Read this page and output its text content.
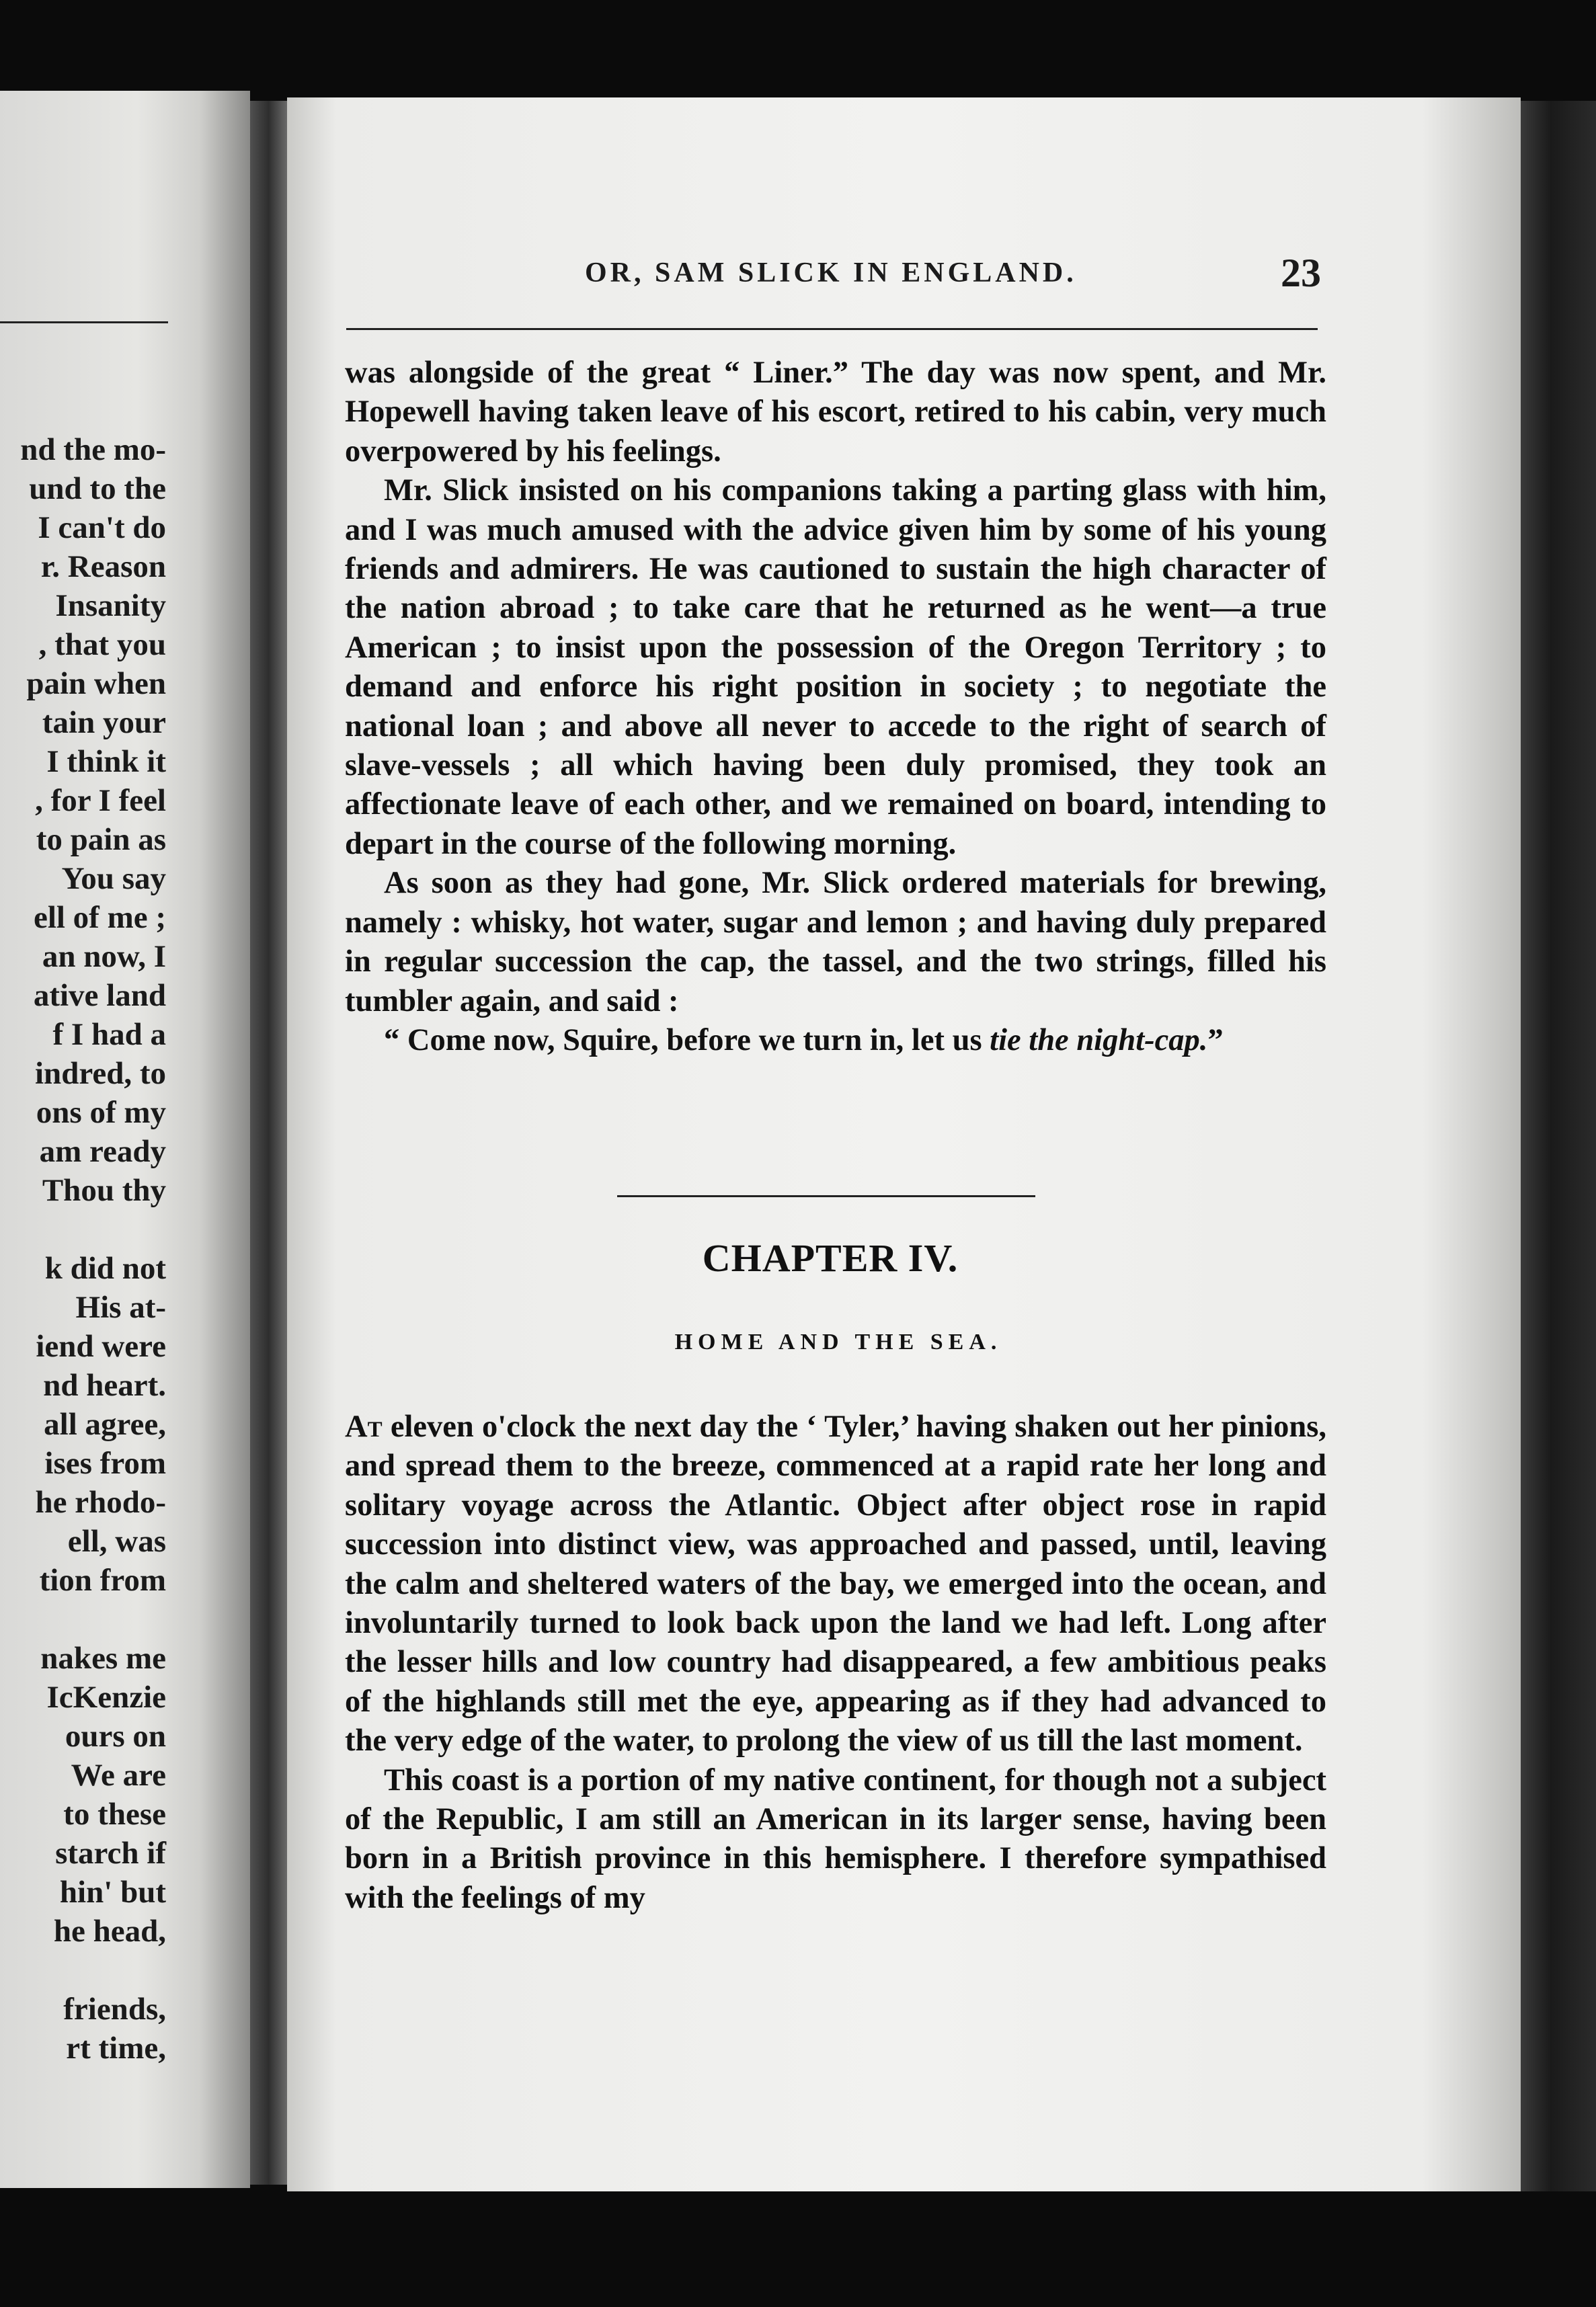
nd the mo-
und to the
I can't do
r. Reason
Insanity
, that you
pain when
tain your
I think it
, for I feel
to pain as
You say
ell of me ;
an now, I
ative land
f I had a
indred, to
ons of my
am ready
Thou thy
k did not
His at-
iend were
nd heart.
all agree,
ises from
he rhodo-
ell, was
tion from
nakes me
IcKenzie
ours on
We are
to these
starch if
hin' but
he head,
friends,
rt time,
OR, SAM SLICK IN ENGLAND.	23

was alongside of the great “ Liner.” The day was now spent, and Mr. Hopewell having taken leave of his escort, retired to his cabin, very much overpowered by his feelings.

Mr. Slick insisted on his companions taking a parting glass with him, and I was much amused with the advice given him by some of his young friends and admirers. He was cautioned to sustain the high character of the nation abroad ; to take care that he returned as he went—a true American ; to insist upon the possession of the Oregon Territory ; to demand and enforce his right position in society ; to negotiate the national loan ; and above all never to accede to the right of search of slave-vessels ; all which having been duly promised, they took an affectionate leave of each other, and we remained on board, intending to depart in the course of the following morning.

As soon as they had gone, Mr. Slick ordered materials for brewing, namely : whisky, hot water, sugar and lemon ; and having duly prepared in regular succession the cap, the tassel, and the two strings, filled his tumbler again, and said :

“ Come now, Squire, before we turn in, let us tie the night-cap.”

CHAPTER IV.
HOME AND THE SEA.

At eleven o'clock the next day the ‘ Tyler,’ having shaken out her pinions, and spread them to the breeze, commenced at a rapid rate her long and solitary voyage across the Atlantic. Object after object rose in rapid succession into distinct view, was approached and passed, until, leaving the calm and sheltered waters of the bay, we emerged into the ocean, and involuntarily turned to look back upon the land we had left. Long after the lesser hills and low country had disappeared, a few ambitious peaks of the highlands still met the eye, appearing as if they had advanced to the very edge of the water, to prolong the view of us till the last moment.

This coast is a portion of my native continent, for though not a subject of the Republic, I am still an American in its larger sense, having been born in a British province in this hemisphere. I therefore sympathised with the feelings of my
